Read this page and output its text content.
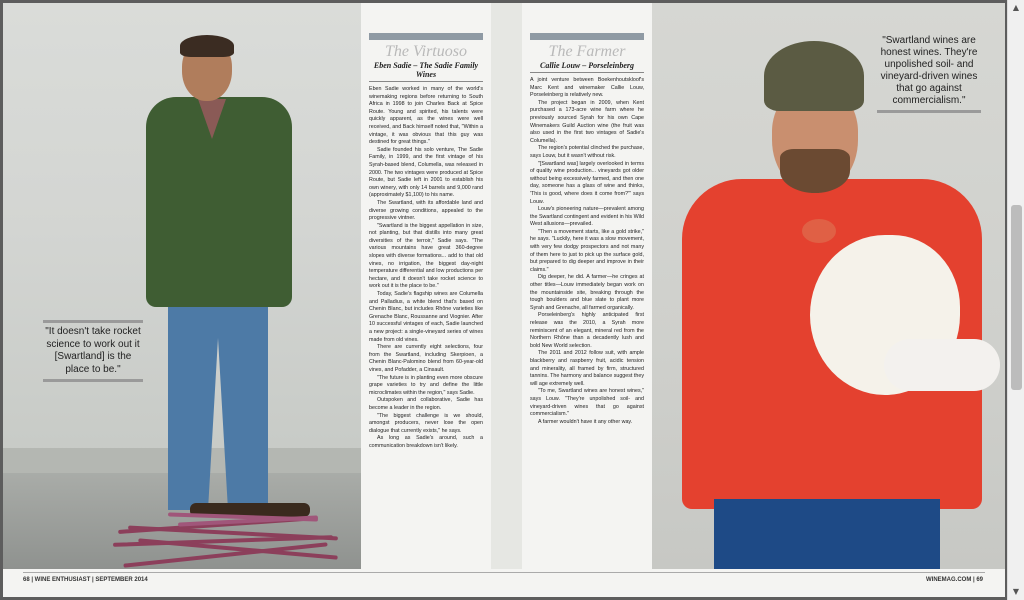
"It doesn't take rocket science to work out it [Swartland] is the place to be."
The Virtuoso
Eben Sadie – The Sadie Family Wines

Eben Sadie worked in many of the world's winemaking regions before returning to South Africa in 1998 to join Charles Back at Spice Route. Young and spirited, his talents were quickly apparent, as the wines were well received, and Back himself noted that, "Within a vintage, it was obvious that this guy was destined for great things."

Sadie founded his solo venture, The Sadie Family, in 1999, and the first vintage of his Syrah-based blend, Columella, was released in 2000. The two vintages were produced at Spice Route, but Sadie left in 2001 to establish his own winery, with only 14 barrels and 9,000 rand (approximately $1,100) to his name.

The Swartland, with its affordable land and diverse growing conditions, appealed to the progressive vintner.

"Swartland is the biggest appellation in size, not planting, but that distills into many great diversities of the terroir," Sadie says. "The various mountains have great 360-degree slopes with diverse formations... add to that old vines, no irrigation, the biggest day-night temperature differential and low productions per hectare, and it doesn't take rocket science to work out it is the place to be."

Today, Sadie's flagship wines are Columella and Palladius, a white blend that's based on Chenin Blanc, but includes Rhône varieties like Grenache Blanc, Roussanne and Viognier. After 10 successful vintages of each, Sadie launched a new project: a single-vineyard series of wines made from old vines.

There are currently eight selections, four from the Swartland, including Skerpioen, a Chenin Blanc-Palomino blend from 60-year-old vines, and Pofadder, a Cinsault.

"The future is in planting even more obscure grape varieties to try and define the little microclimates within the region," says Sadie.

Outspoken and collaborative, Sadie has become a leader in the region.

"The biggest challenge is we should, amongst producers, never lose the open dialogue that currently exists," he says.

As long as Sadie's around, such a communication breakdown isn't likely.

The Farmer
Callie Louw – Porseleinberg

A joint venture between Boekenhoutskloof's Marc Kent and winemaker Callie Louw, Porseleinberg is relatively new.

The project began in 2009, when Kent purchased a 173-acre wine farm where he previously sourced Syrah for his own Cape Winemakers Guild Auction wine (the fruit was also used in the first two vintages of Sadie's Columella).

The region's potential clinched the purchase, says Louw, but it wasn't without risk.

"[Swartland was] largely overlooked in terms of quality wine production... vineyards got older without being excessively farmed, and then one day, someone has a glass of wine and thinks, 'This is good, where does it come from?'" says Louw.

Louw's pioneering nature—prevalent among the Swartland contingent and evident in his Wild West allusions—prevailed.

"Then a movement starts, like a gold strike," he says. "Luckily, here it was a slow movement, with very few dodgy prospectors and not many of them here to just to pick up the surface gold, but prepared to dig deeper and improve in their claims."

Dig deeper, he did. A farmer—he cringes at other titles—Louw immediately began work on the mountainside site, breaking through the tough boulders and blue slate to plant more Syrah and Grenache, all farmed organically.

Porseleinberg's highly anticipated first release was the 2010, a Syrah more reminiscent of an elegant, mineral red from the Northern Rhône than a decadently lush and bold New World selection.

The 2011 and 2012 follow suit, with ample blackberry and raspberry fruit, acidic tension and minerality, all framed by firm, structured tannins. The harmony and balance suggest they will age extremely well.

"To me, Swartland wines are honest wines," says Louw. "They're unpolished soil- and vineyard-driven wines that go against commercialism."

A farmer wouldn't have it any other way.

"Swartland wines are honest wines. They're unpolished soil- and vineyard-driven wines that go against commercialism."
68 | WINE ENTHUSIAST | SEPTEMBER 2014	WINEMAG.COM | 69
▲
▼
